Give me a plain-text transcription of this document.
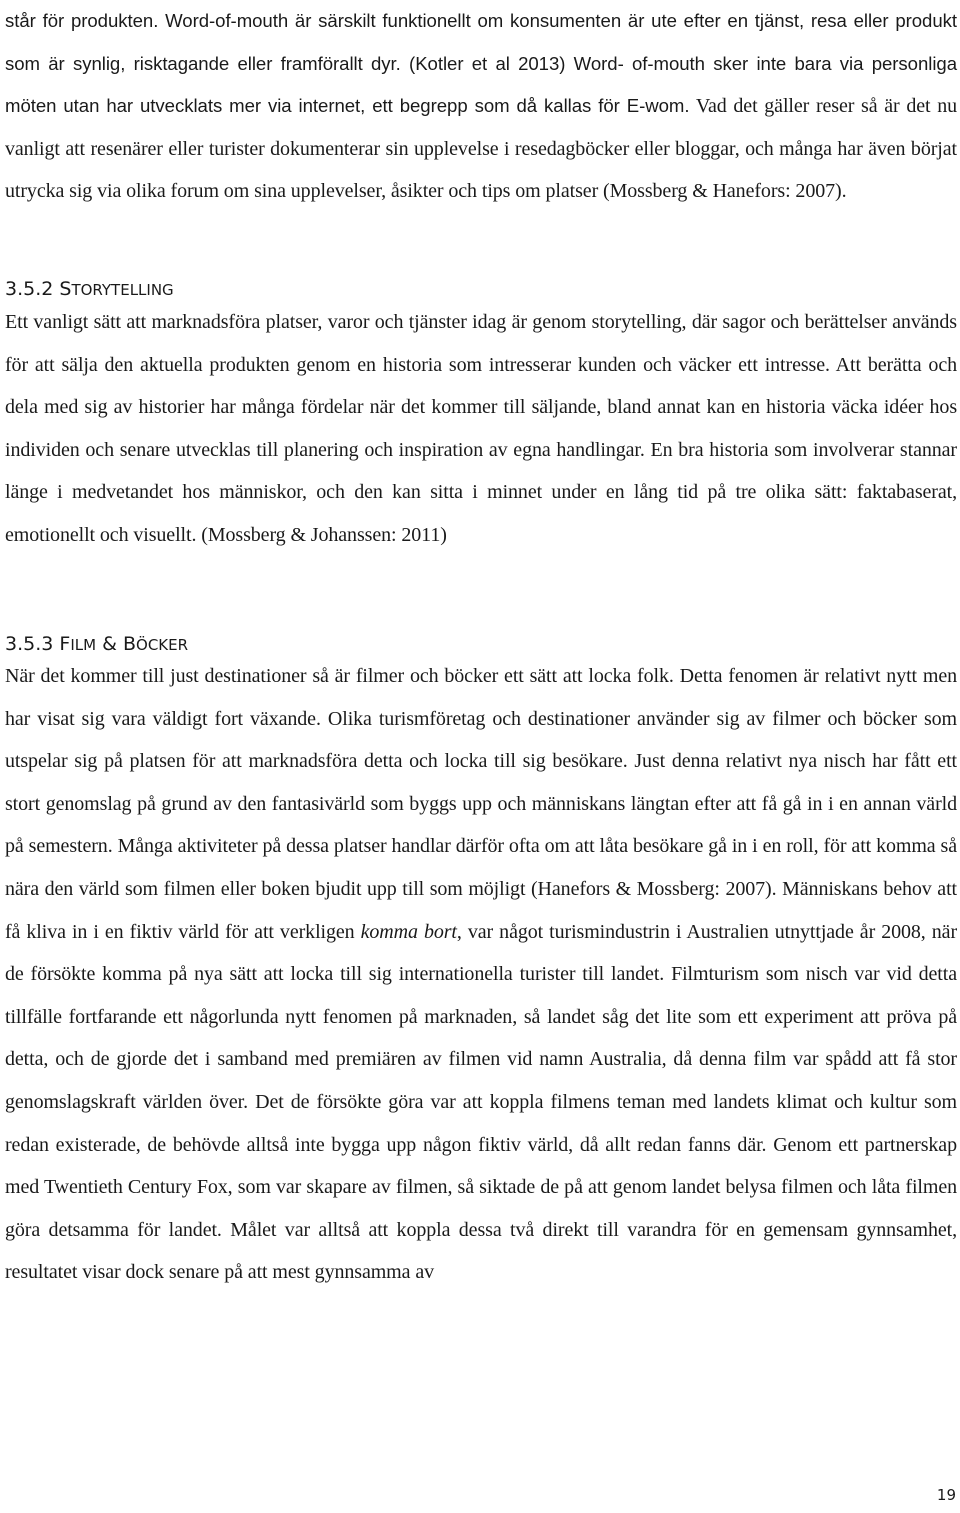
står för produkten. Word-of-mouth är särskilt funktionellt om konsumenten är ute efter en tjänst, resa eller produkt som är synlig, risktagande eller framförallt dyr. (Kotler et al 2013) Word- of-mouth sker inte bara via personliga möten utan har utvecklats mer via internet, ett begrepp som då kallas för E-wom. Vad det gäller reser så är det nu vanligt att resenärer eller turister dokumenterar sin upplevelse i resedagböcker eller bloggar, och många har även börjat utrycka sig via olika forum om sina upplevelser, åsikter och tips om platser (Mossberg & Hanefors: 2007).

3.5.2 STORYTELLING

Ett vanligt sätt att marknadsföra platser, varor och tjänster idag är genom storytelling, där sagor och berättelser används för att sälja den aktuella produkten genom en historia som intresserar kunden och väcker ett intresse. Att berätta och dela med sig av historier har många fördelar när det kommer till säljande, bland annat kan en historia väcka idéer hos individen och senare utvecklas till planering och inspiration av egna handlingar. En bra historia som involverar stannar länge i medvetandet hos människor, och den kan sitta i minnet under en lång tid på tre olika sätt: faktabaserat, emotionellt och visuellt. (Mossberg & Johanssen: 2011)

3.5.3 FILM & BÖCKER

När det kommer till just destinationer så är filmer och böcker ett sätt att locka folk. Detta fenomen är relativt nytt men har visat sig vara väldigt fort växande. Olika turismföretag och destinationer använder sig av filmer och böcker som utspelar sig på platsen för att marknadsföra detta och locka till sig besökare. Just denna relativt nya nisch har fått ett stort genomslag på grund av den fantasivärld som byggs upp och människans längtan efter att få gå in i en annan värld på semestern. Många aktiviteter på dessa platser handlar därför ofta om att låta besökare gå in i en roll, för att komma så nära den värld som filmen eller boken bjudit upp till som möjligt (Hanefors & Mossberg: 2007). Människans behov att få kliva in i en fiktiv värld för att verkligen komma bort, var något turismindustrin i Australien utnyttjade år 2008, när de försökte komma på nya sätt att locka till sig internationella turister till landet. Filmturism som nisch var vid detta tillfälle fortfarande ett någorlunda nytt fenomen på marknaden, så landet såg det lite som ett experiment att pröva på detta, och de gjorde det i samband med premiären av filmen vid namn Australia, då denna film var spådd att få stor genomslagskraft världen över. Det de försökte göra var att koppla filmens teman med landets klimat och kultur som redan existerade, de behövde alltså inte bygga upp någon fiktiv värld, då allt redan fanns där. Genom ett partnerskap med Twentieth Century Fox, som var skapare av filmen, så siktade de på att genom landet belysa filmen och låta filmen göra detsamma för landet. Målet var alltså att koppla dessa två direkt till varandra för en gemensam gynnsamhet, resultatet visar dock senare på att mest gynnsamma av

19
